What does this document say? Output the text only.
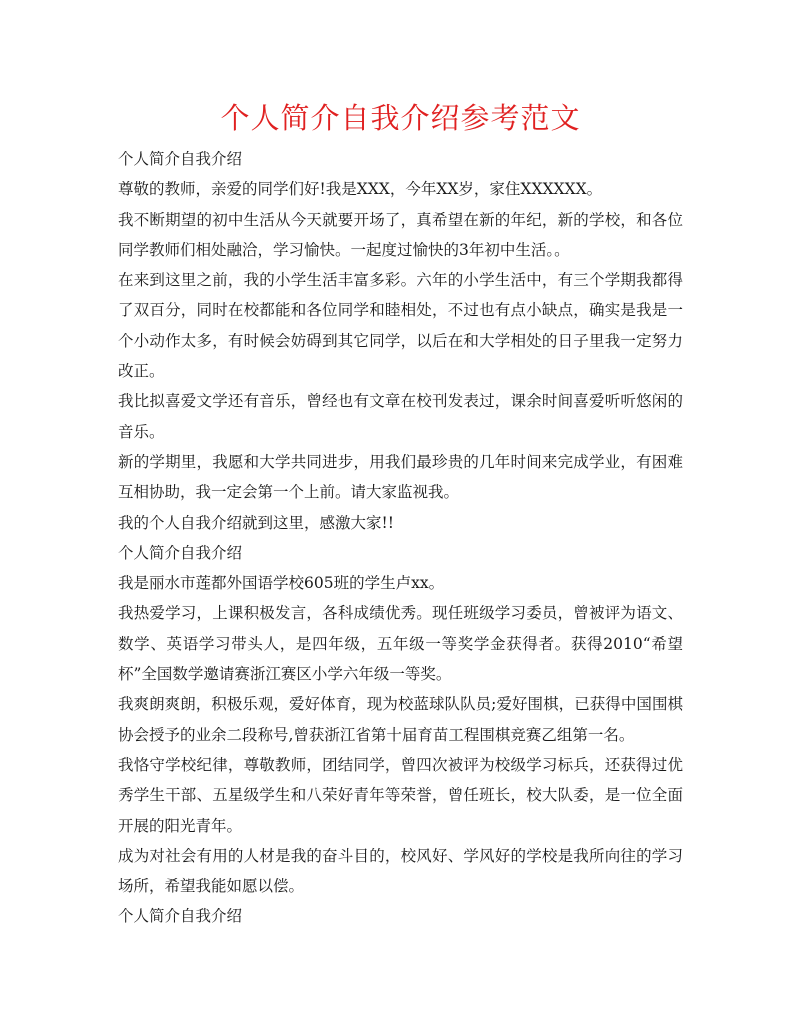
个人简介自我介绍参考范文

个人简介自我介绍

尊敬的教师，亲爱的同学们好!我是XXX，今年XX岁，家住XXXXXX。

我不断期望的初中生活从今天就要开场了，真希望在新的年纪，新的学校，和各位同学教师们相处融洽，学习愉快。一起度过愉快的3年初中生活。。

在来到这里之前，我的小学生活丰富多彩。六年的小学生活中，有三个学期我都得了双百分，同时在校都能和各位同学和睦相处，不过也有点小缺点，确实是我是一个小动作太多，有时候会妨碍到其它同学，以后在和大学相处的日子里我一定努力改正。

我比拟喜爱文学还有音乐，曾经也有文章在校刊发表过，课余时间喜爱听听悠闲的音乐。

新的学期里，我愿和大学共同进步，用我们最珍贵的几年时间来完成学业，有困难互相协助，我一定会第一个上前。请大家监视我。

我的个人自我介绍就到这里，感激大家!!

个人简介自我介绍

我是丽水市莲都外国语学校605班的学生卢xx。

我热爱学习，上课积极发言，各科成绩优秀。现任班级学习委员，曾被评为语文、数学、英语学习带头人，是四年级，五年级一等奖学金获得者。获得2010“希望杯”全国数学邀请赛浙江赛区小学六年级一等奖。

我爽朗爽朗，积极乐观，爱好体育，现为校蓝球队队员;爱好围棋，已获得中国围棋协会授予的业余二段称号,曾获浙江省第十届育苗工程围棋竞赛乙组第一名。

我恪守学校纪律，尊敬教师，团结同学，曾四次被评为校级学习标兵，还获得过优秀学生干部、五星级学生和八荣好青年等荣誉，曾任班长，校大队委，是一位全面开展的阳光青年。

成为对社会有用的人材是我的奋斗目的，校风好、学风好的学校是我所向往的学习场所，希望我能如愿以偿。

个人简介自我介绍
